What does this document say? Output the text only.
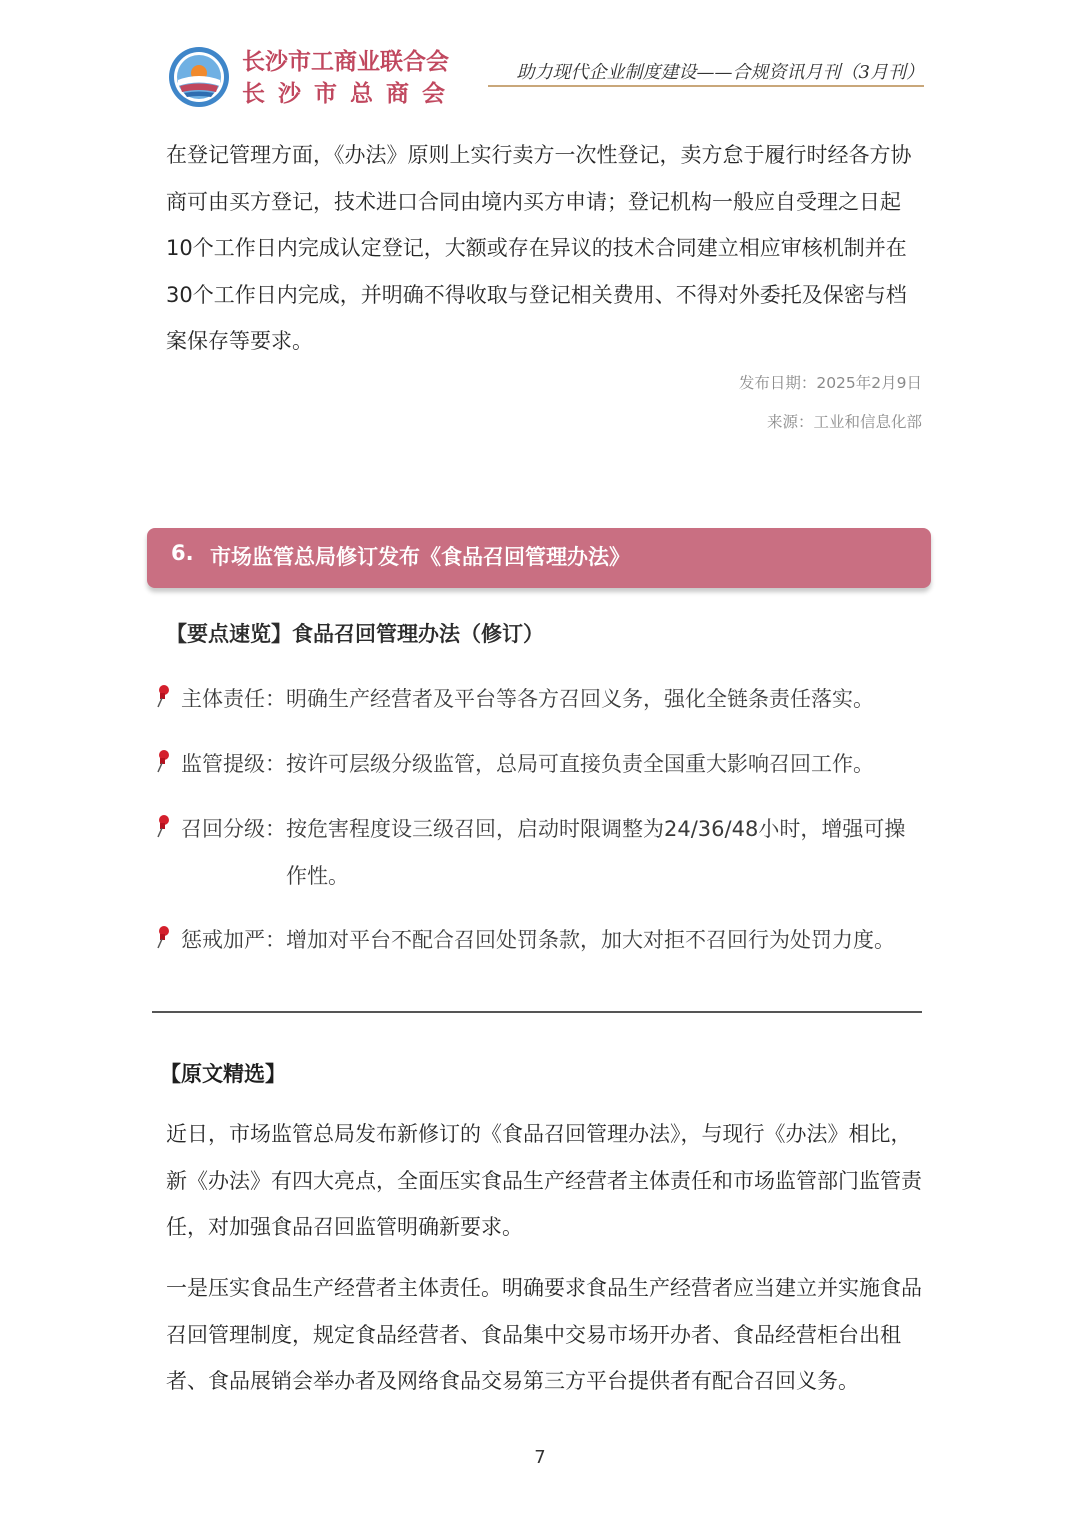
长沙市工商业联合会
长沙市总商会
助力现代企业制度建设——合规资讯月刊（3月刊）

在登记管理方面，《办法》原则上实行卖方一次性登记，卖方怠于履行时经各方协商可由买方登记，技术进口合同由境内买方申请；登记机构一般应自受理之日起10个工作日内完成认定登记，大额或存在异议的技术合同建立相应审核机制并在30个工作日内完成，并明确不得收取与登记相关费用、不得对外委托及保密与档案保存等要求。

发布日期：2025年2月9日
来源：工业和信息化部
6. 市场监管总局修订发布《食品召回管理办法》
【要点速览】食品召回管理办法（修订）
主体责任： 明确生产经营者及平台等各方召回义务，强化全链条责任落实。
监管提级： 按许可层级分级监管，总局可直接负责全国重大影响召回工作。
召回分级： 按危害程度设三级召回，启动时限调整为24/36/48小时，增强可操作性。
惩戒加严： 增加对平台不配合召回处罚条款，加大对拒不召回行为处罚力度。
【原文精选】

近日，市场监管总局发布新修订的《食品召回管理办法》，与现行《办法》相比，新《办法》有四大亮点，全面压实食品生产经营者主体责任和市场监管部门监管责任，对加强食品召回监管明确新要求。

一是压实食品生产经营者主体责任。明确要求食品生产经营者应当建立并实施食品召回管理制度，规定食品经营者、食品集中交易市场开办者、食品经营柜台出租者、食品展销会举办者及网络食品交易第三方平台提供者有配合召回义务。

7
